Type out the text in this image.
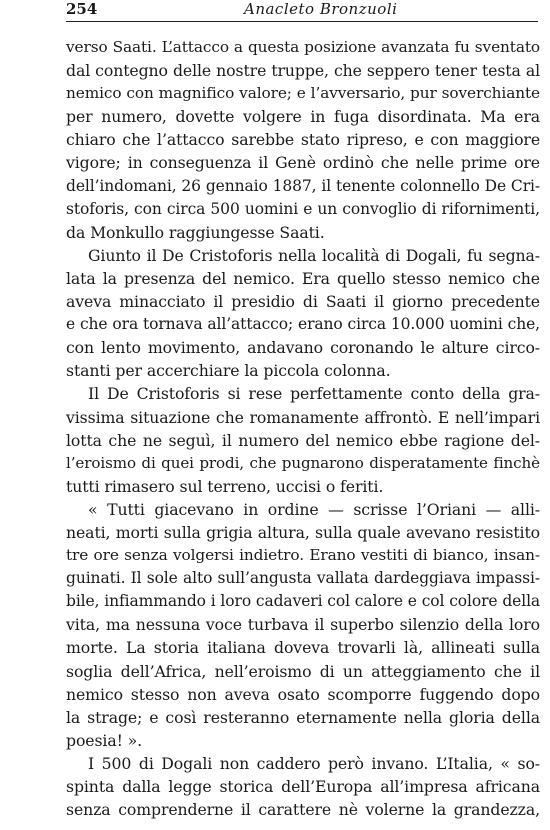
254	Anacleto Bronzuoli
verso Saati. L’attacco a questa posizione avanzata fu sventato
dal contegno delle nostre truppe, che seppero tener testa al
nemico con magnifico valore; e l’avversario, pur soverchiante
per numero, dovette volgere in fuga disordinata. Ma era
chiaro che l’attacco sarebbe stato ripreso, e con maggiore
vigore; in conseguenza il Genè ordinò che nelle prime ore
dell’indomani, 26 gennaio 1887, il tenente colonnello De Cri-
stoforis, con circa 500 uomini e un convoglio di rifornimenti,
da Monkullo raggiungesse Saati.
Giunto il De Cristoforis nella località di Dogali, fu segna-
lata la presenza del nemico. Era quello stesso nemico che
aveva minacciato il presidio di Saati il giorno precedente
e che ora tornava all’attacco; erano circa 10.000 uomini che,
con lento movimento, andavano coronando le alture circo-
stanti per accerchiare la piccola colonna.
Il De Cristoforis si rese perfettamente conto della gra-
vissima situazione che romanamente affrontò. E nell’impari
lotta che ne seguì, il numero del nemico ebbe ragione del-
l’eroismo di quei prodi, che pugnarono disperatamente finchè
tutti rimasero sul terreno, uccisi o feriti.
« Tutti giacevano in ordine — scrisse l’Oriani — alli-
neati, morti sulla grigia altura, sulla quale avevano resistito
tre ore senza volgersi indietro. Erano vestiti di bianco, insan-
guinati. Il sole alto sull’angusta vallata dardeggiava impassi-
bile, infiammando i loro cadaveri col calore e col colore della
vita, ma nessuna voce turbava il superbo silenzio della loro
morte. La storia italiana doveva trovarli là, allineati sulla
soglia dell’Africa, nell’eroismo di un atteggiamento che il
nemico stesso non aveva osato scomporre fuggendo dopo
la strage; e così resteranno eternamente nella gloria della
poesia! ».
I 500 di Dogali non caddero però invano. L’Italia, « so-
spinta dalla legge storica dell’Europa all’impresa africana
senza comprenderne il carattere nè volerne la grandezza,
